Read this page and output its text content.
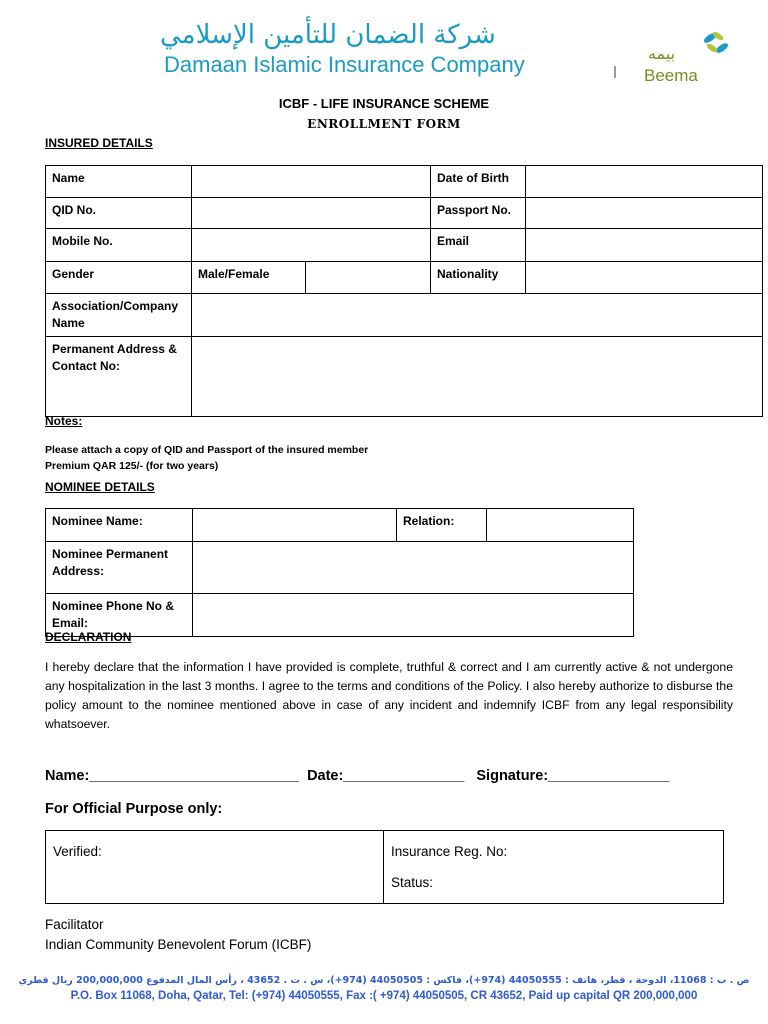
شركة الضمان للتأمين الإسلامي
Damaan Islamic Insurance Company	بيمه
Beema
ICBF - LIFE INSURANCE SCHEME
ENROLLMENT FORM
INSURED DETAILS
Name			Date of Birth	
QID No.			Passport No.	
Mobile No.			Email	
Gender	Male/Female		Nationality	
Association/Company Name				
Permanent Address & Contact No:				
Notes:
Please attach a copy of QID and Passport of the insured member
Premium QAR 125/- (for two years)
NOMINEE DETAILS
Nominee Name:		Relation:	
Nominee Permanent Address:			
Nominee Phone No & Email:			
DECLARATION
I hereby declare that the information I have provided is complete, truthful & correct and I am currently active & not undergone any hospitalization in the last 3 months. I agree to the terms and conditions of the Policy. I also hereby authorize to disburse the policy amount to the nominee mentioned above in case of any incident and indemnify ICBF from any legal responsibility whatsoever.
Name:__________________________ Date:_______________ Signature:_______________
For Official Purpose only:
Verified:	Insurance Reg. No:
Status:
Facilitator
Indian Community Benevolent Forum (ICBF)
ص . ب : 11068، الدوحة ، قطر، هاتف : 44050555 (974+)، فاكس : 44050505 (974+)، س . ت . 43652 ، رأس المال المدفوع 200,000,000 ريال قطري
P.O. Box 11068, Doha, Qatar, Tel: (+974) 44050555, Fax :( +974) 44050505, CR 43652, Paid up capital QR 200,000,000
